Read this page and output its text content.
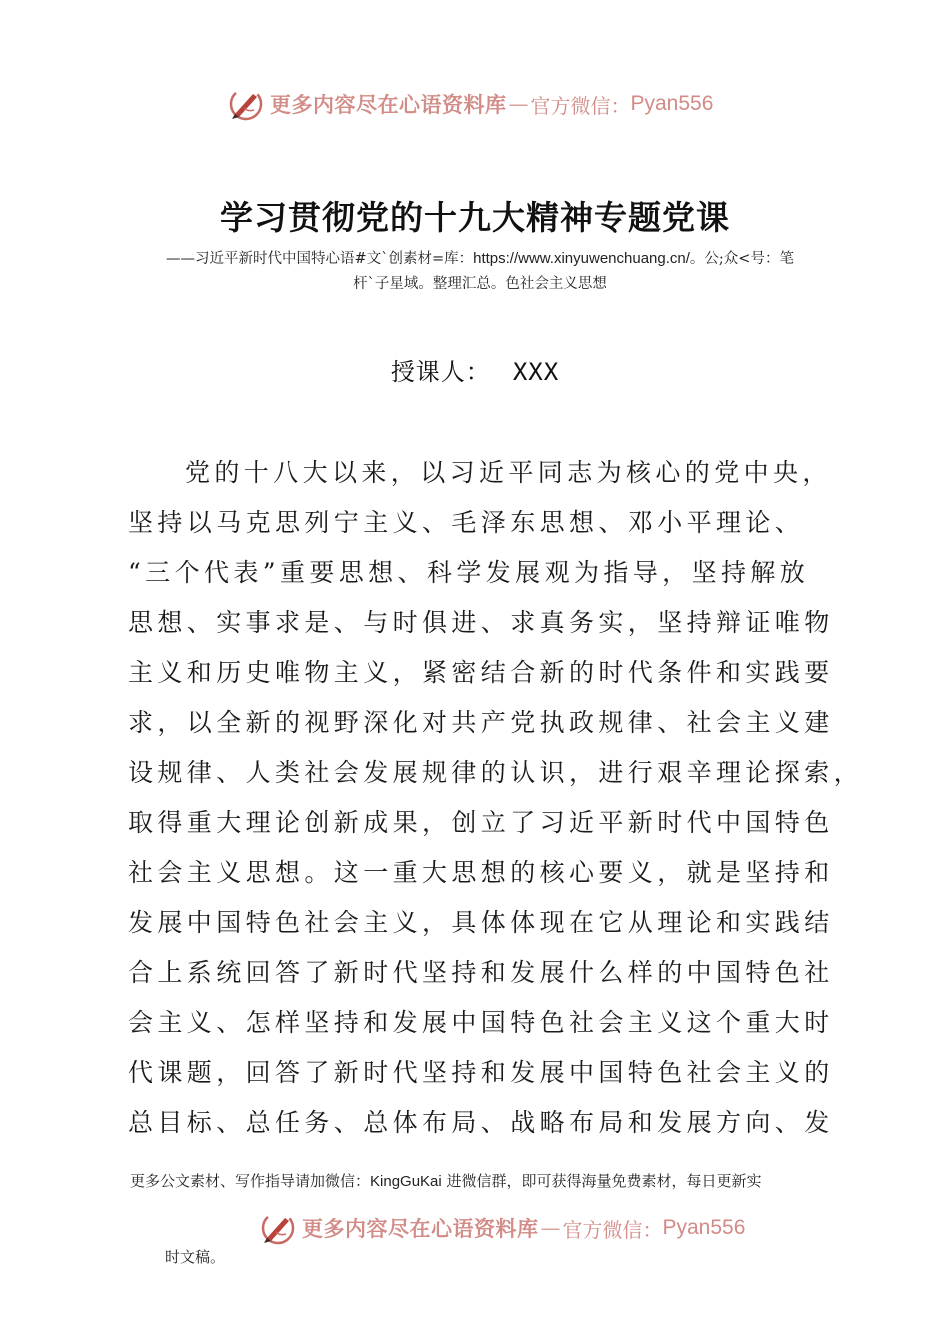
更多内容尽在心语资料库 — 官方微信： Pyan556
学习贯彻党的十九大精神专题党课
——习近平新时代中国特心语#文`创素材=库：https://www.xinyuwenchuang.cn/。公;众<号：笔
杆`子星域。整理汇总。色社会主义思想
授课人： XXX
党的十八大以来，以习近平同志为核心的党中央，
坚持以马克思列宁主义、毛泽东思想、邓小平理论、
“三个代表”重要思想、科学发展观为指导，坚持解放
思想、实事求是、与时俱进、求真务实，坚持辩证唯物
主义和历史唯物主义，紧密结合新的时代条件和实践要
求，以全新的视野深化对共产党执政规律、社会主义建
设规律、人类社会发展规律的认识，进行艰辛理论探索，
取得重大理论创新成果，创立了习近平新时代中国特色
社会主义思想。这一重大思想的核心要义，就是坚持和
发展中国特色社会主义，具体体现在它从理论和实践结
合上系统回答了新时代坚持和发展什么样的中国特色社
会主义、怎样坚持和发展中国特色社会主义这个重大时
代课题，回答了新时代坚持和发展中国特色社会主义的
总目标、总任务、总体布局、战略布局和发展方向、发
更多公文素材、写作指导请加微信：KingGuKai 进微信群，即可获得海量免费素材，每日更新实
更多内容尽在心语资料库 — 官方微信： Pyan556
时文稿。
